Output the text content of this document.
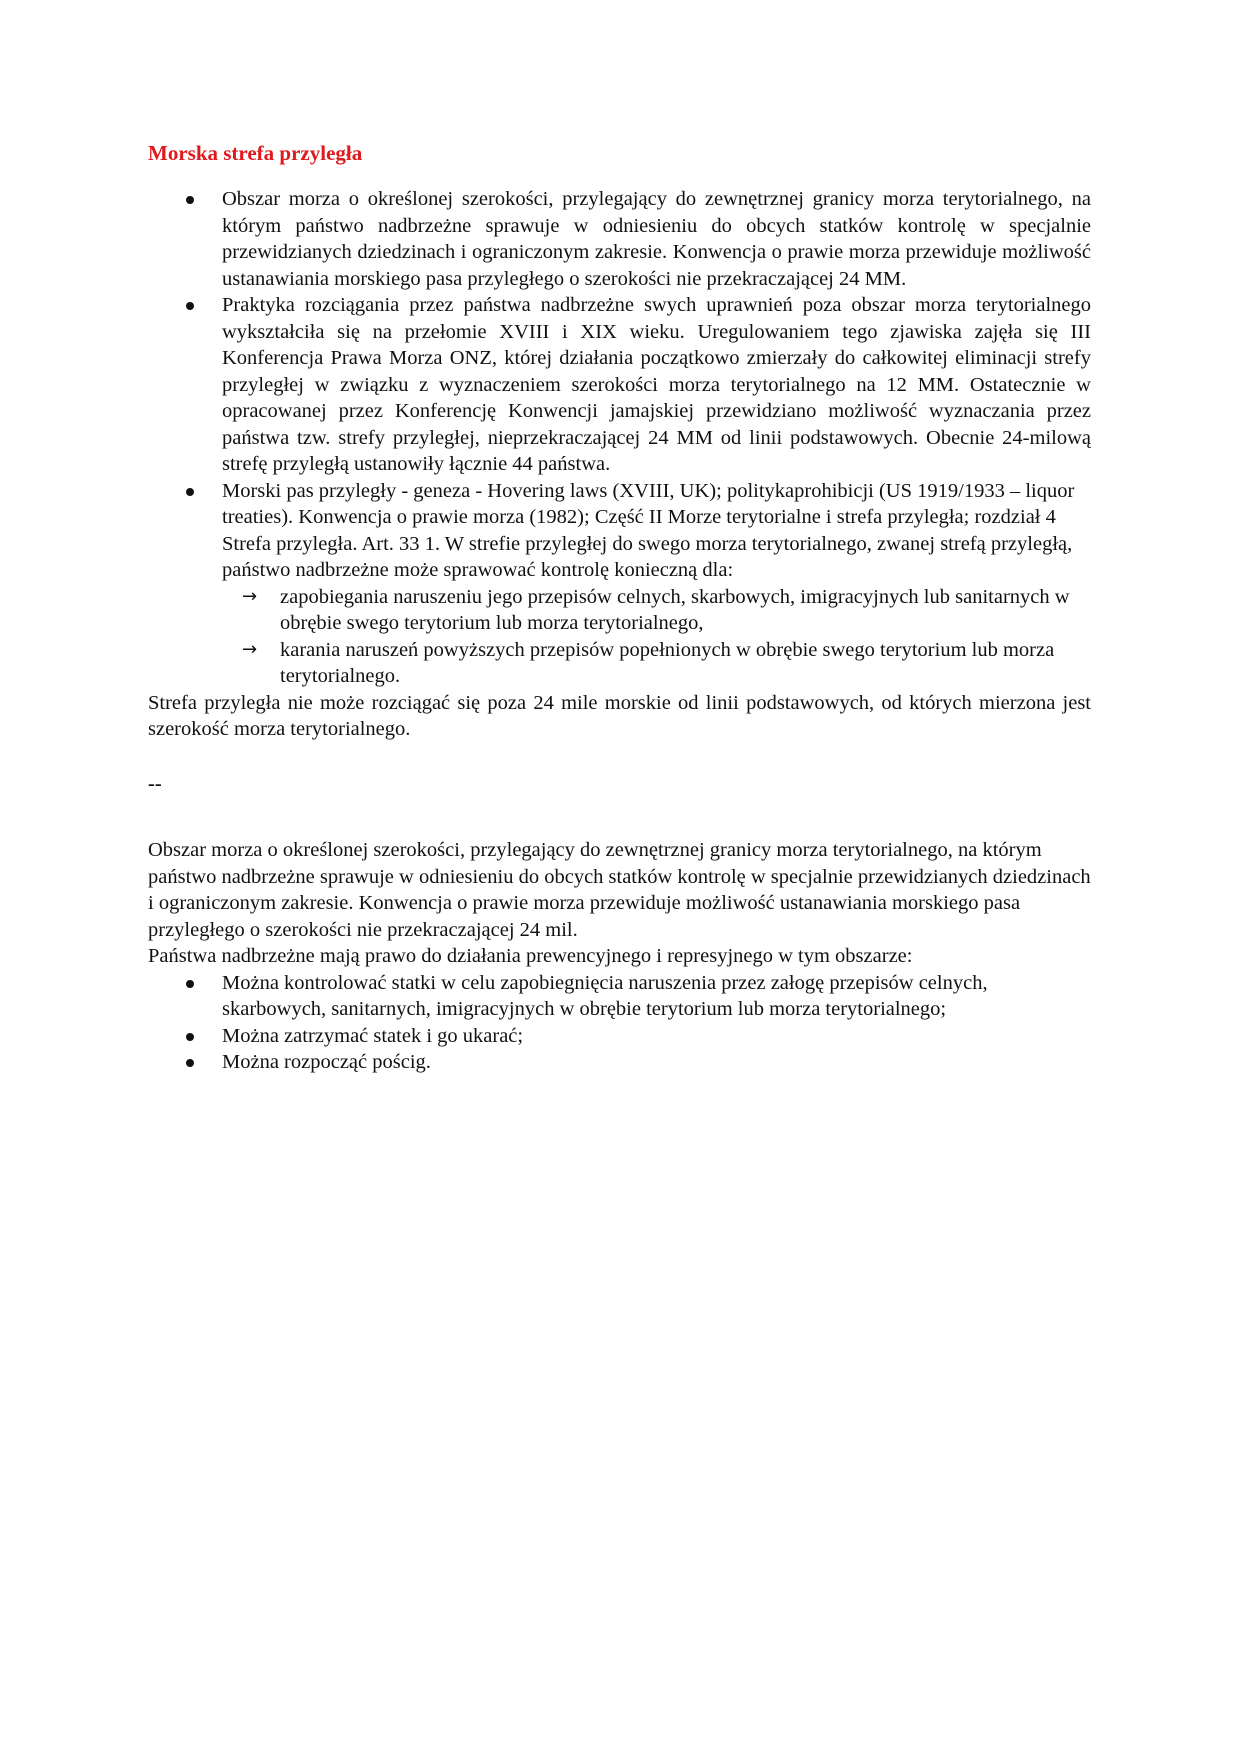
Morska strefa przyległa
Obszar morza o określonej szerokości, przylegający do zewnętrznej granicy morza terytorialnego, na którym państwo nadbrzeżne sprawuje w odniesieniu do obcych statków kontrolę w specjalnie przewidzianych dziedzinach i ograniczonym zakresie. Konwencja o prawie morza przewiduje możliwość ustanawiania morskiego pasa przyległego o szerokości nie przekraczającej 24 MM.
Praktyka rozciągania przez państwa nadbrzeżne swych uprawnień poza obszar morza terytorialnego wykształciła się na przełomie XVIII i XIX wieku. Uregulowaniem tego zjawiska zajęła się III Konferencja Prawa Morza ONZ, której działania początkowo zmierzały do całkowitej eliminacji strefy przyległej w związku z wyznaczeniem szerokości morza terytorialnego na 12 MM. Ostatecznie w opracowanej przez Konferencję Konwencji jamajskiej przewidziano możliwość wyznaczania przez państwa tzw. strefy przyległej, nieprzekraczającej 24 MM od linii podstawowych. Obecnie 24-milową strefę przyległą ustanowiły łącznie 44 państwa.
Morski pas przyległy - geneza - Hovering laws (XVIII, UK); politykaprohibicji (US 1919/1933 – liquor treaties). Konwencja o prawie morza (1982); Część II Morze terytorialne i strefa przyległa; rozdział 4 Strefa przyległa. Art. 33 1. W strefie przyległej do swego morza terytorialnego, zwanej strefą przyległą, państwo nadbrzeżne może sprawować kontrolę konieczną dla:
→ zapobiegania naruszeniu jego przepisów celnych, skarbowych, imigracyjnych lub sanitarnych w obrębie swego terytorium lub morza terytorialnego,
→ karania naruszeń powyższych przepisów popełnionych w obrębie swego terytorium lub morza terytorialnego.

Strefa przyległa nie może rozciągać się poza 24 mile morskie od linii podstawowych, od których mierzona jest szerokość morza terytorialnego.

--

Obszar morza o określonej szerokości, przylegający do zewnętrznej granicy morza terytorialnego, na którym państwo nadbrzeżne sprawuje w odniesieniu do obcych statków kontrolę w specjalnie przewidzianych dziedzinach i ograniczonym zakresie. Konwencja o prawie morza przewiduje możliwość ustanawiania morskiego pasa przyległego o szerokości nie przekraczającej 24 mil.

Państwa nadbrzeżne mają prawo do działania prewencyjnego i represyjnego w tym obszarze:

Można kontrolować statki w celu zapobiegnięcia naruszenia przez załogę przepisów celnych, skarbowych, sanitarnych, imigracyjnych w obrębie terytorium lub morza terytorialnego;
Można zatrzymać statek i go ukarać;
Można rozpocząć pościg.
